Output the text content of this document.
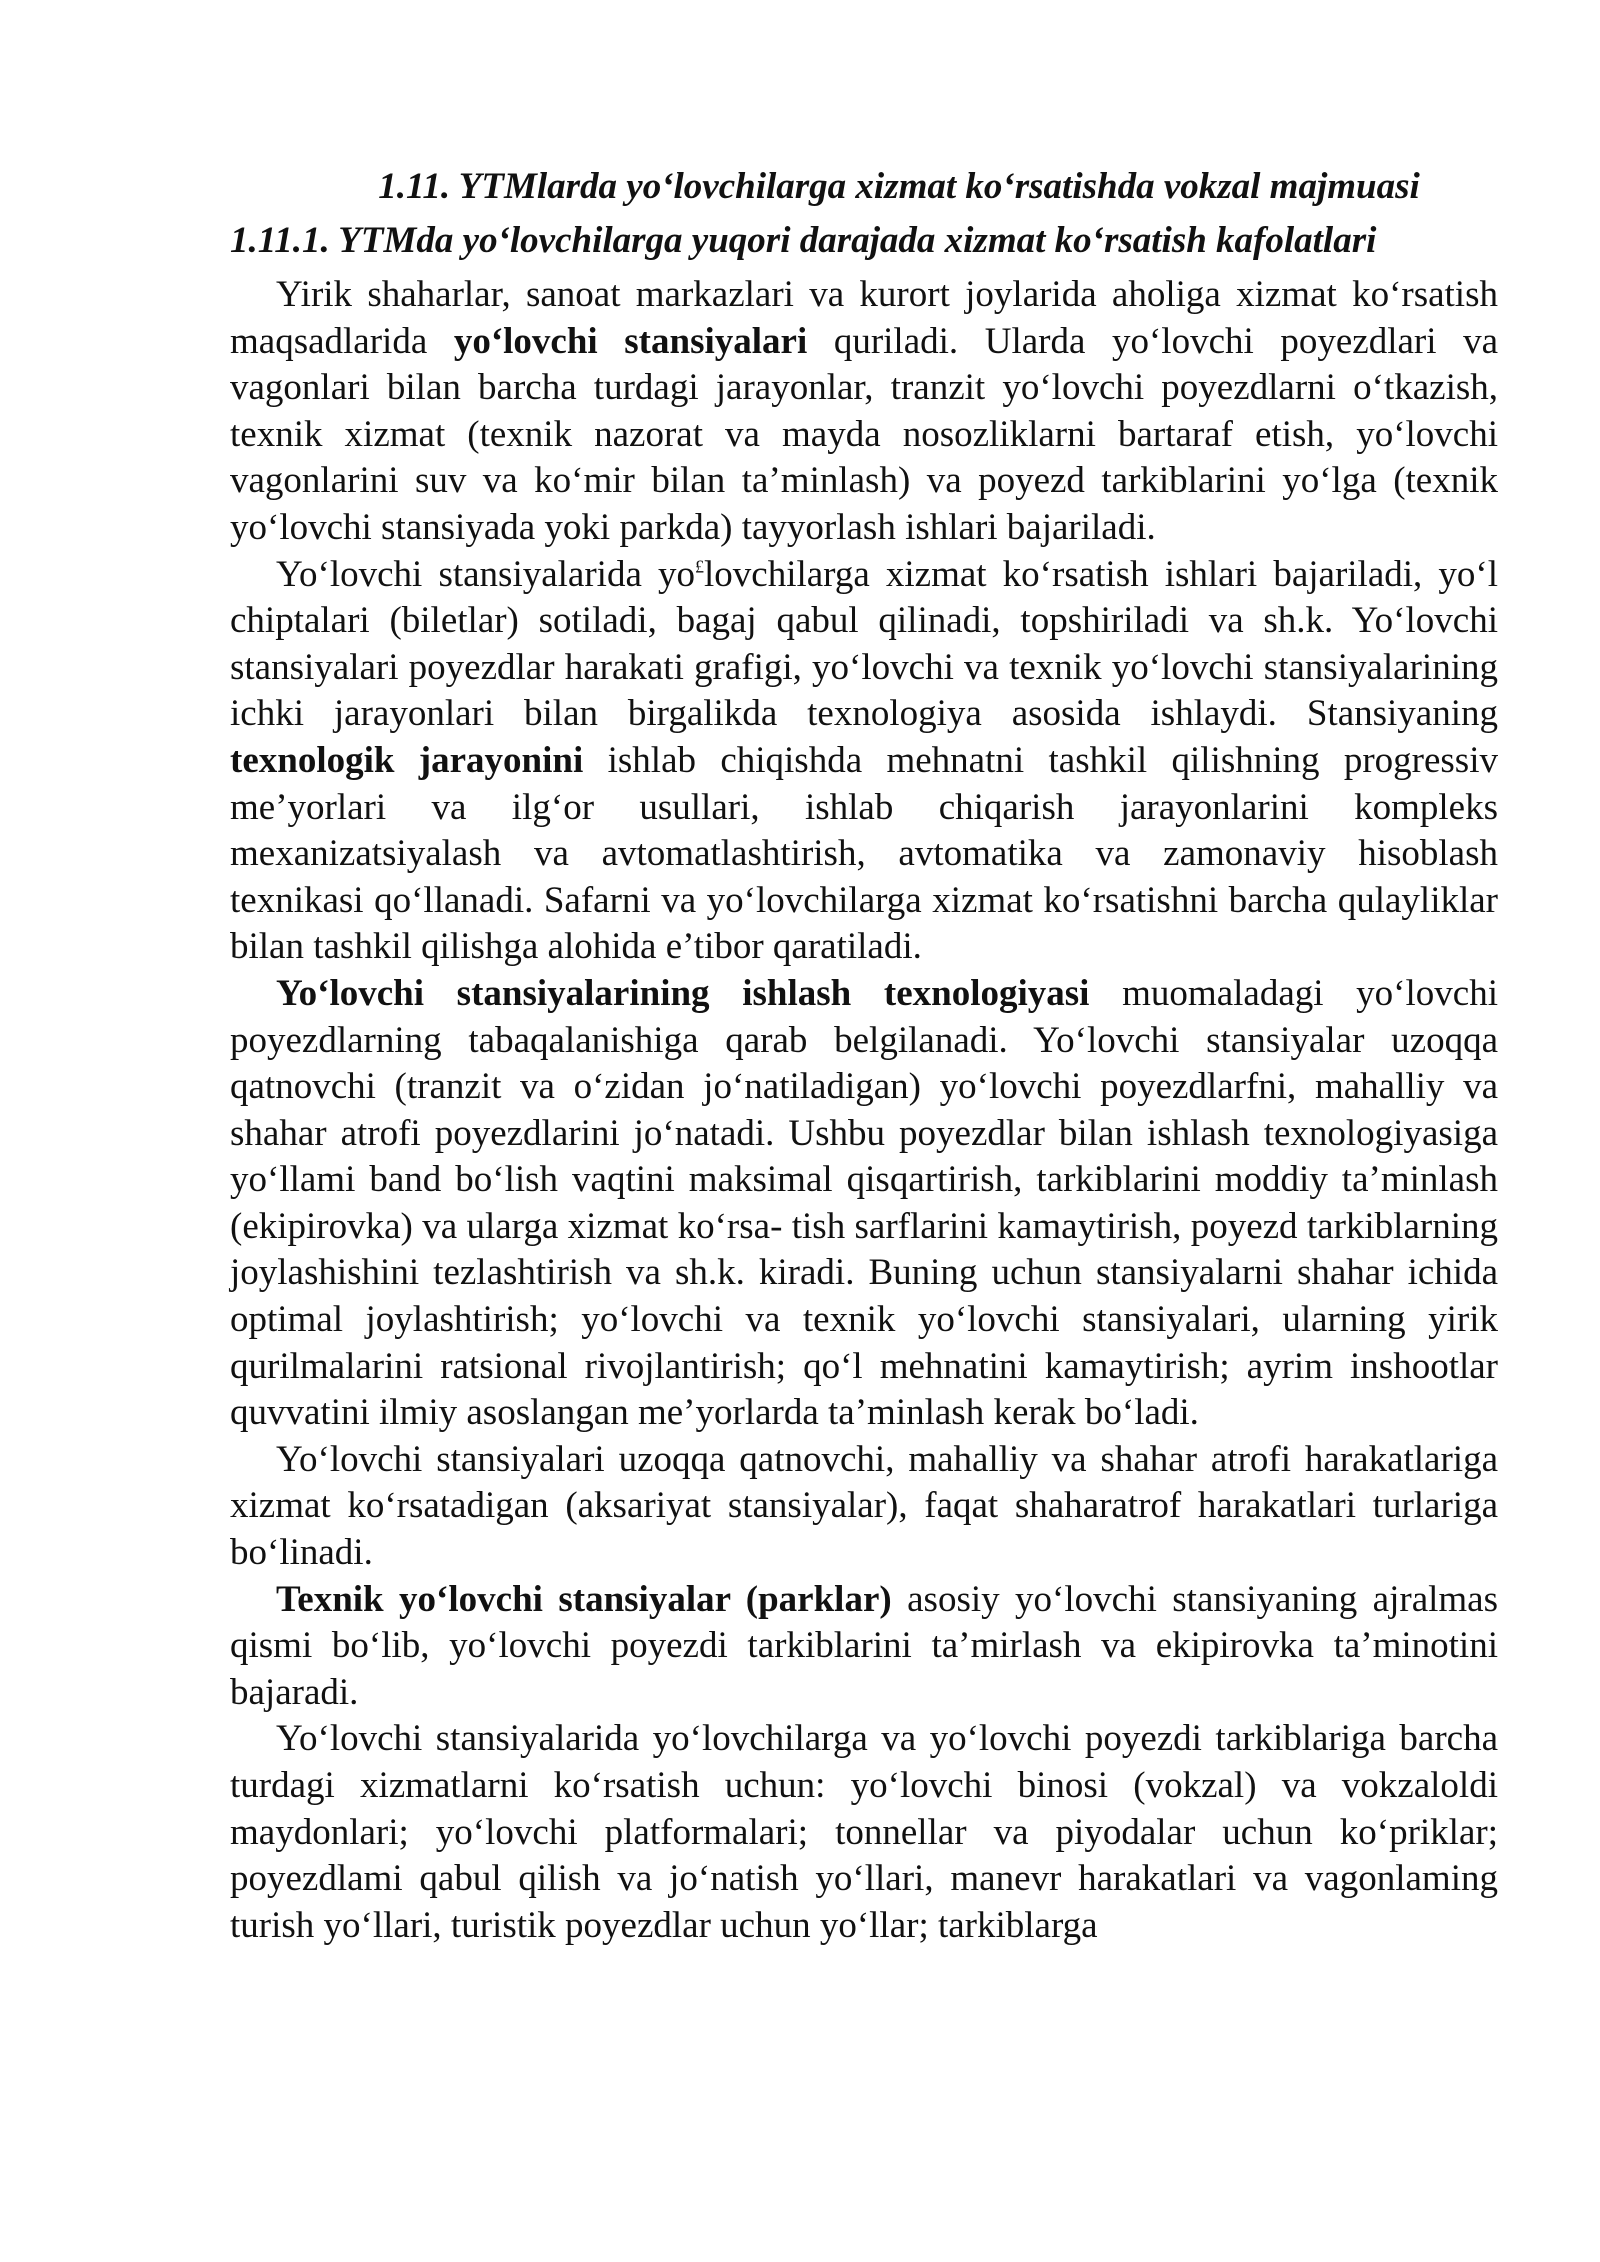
1.11. YTMlarda yo‘lovchilarga xizmat ko‘rsatishda vokzal majmuasi

1.11.1. YTMda yo‘lovchilarga yuqori darajada xizmat ko‘rsatish kafolatlari

Yirik shaharlar, sanoat markazlari va kurort joylarida aholiga xizmat ko‘rsatish maqsadlarida yo‘lovchi stansiyalari quriladi. Ularda yo‘lovchi poyezdlari va vagonlari bilan barcha turdagi jarayonlar, tranzit yo‘lovchi poyezdlarni o‘tkazish, texnik xizmat (texnik nazorat va mayda nosozliklarni bartaraf etish, yo‘lovchi vagonlarini suv va ko‘mir bilan ta’minlash) va poyezd tarkiblarini yo‘lga (texnik yo‘lovchi stansiyada yoki parkda) tayyorlash ishlari bajariladi.

Yo‘lovchi stansiyalarida yo£lovchilarga xizmat ko‘rsatish ishlari bajariladi, yo‘l chiptalari (biletlar) sotiladi, bagaj qabul qilinadi, topshiriladi va sh.k. Yo‘lovchi stansiyalari poyezdlar harakati grafigi, yo‘lovchi va texnik yo‘lovchi stansiyalarining ichki jarayonlari bilan birgalikda texnologiya asosida ishlaydi. Stansiyaning texnologik jarayonini ishlab chiqishda mehnatni tashkil qilishning progressiv me’yorlari va ilg‘or usullari, ishlab chiqarish jarayonlarini kompleks mexanizatsiyalash va avtomatlashtirish, avtomatika va zamonaviy hisoblash texnikasi qo‘llanadi. Safarni va yo‘lovchilarga xizmat ko‘rsatishni barcha qulayliklar bilan tashkil qilishga alohida e’tibor qaratiladi.

Yo‘lovchi stansiyalarining ishlash texnologiyasi muomaladagi yo‘lovchi poyezdlarning tabaqalanishiga qarab belgilanadi. Yo‘lovchi stansiyalar uzoqqa qatnovchi (tranzit va o‘zidan jo‘natiladigan) yo‘lovchi poyezdlarfni, mahalliy va shahar atrofi poyezdlarini jo‘natadi. Ushbu poyezdlar bilan ishlash texnologiyasiga yo‘llami band bo‘lish vaqtini maksimal qisqartirish, tarkiblarini moddiy ta’minlash (ekipirovka) va ularga xizmat ko‘rsa- tish sarflarini kamaytirish, poyezd tarkiblarning joylashishini tezlashtirish va sh.k. kiradi. Buning uchun stansiyalarni shahar ichida optimal joylashtirish; yo‘lovchi va texnik yo‘lovchi stansiyalari, ularning yirik qurilmalarini ratsional rivojlantirish; qo‘l mehnatini kamaytirish; ayrim inshootlar quvvatini ilmiy asoslangan me’yorlarda ta’minlash kerak bo‘ladi.

Yo‘lovchi stansiyalari uzoqqa qatnovchi, mahalliy va shahar atrofi harakatlariga xizmat ko‘rsatadigan (aksariyat stansiyalar), faqat shaharatrof harakatlari turlariga bo‘linadi.

Texnik yo‘lovchi stansiyalar (parklar) asosiy yo‘lovchi stansiyaning ajralmas qismi bo‘lib, yo‘lovchi poyezdi tarkiblarini ta’mirlash va ekipirovka ta’minotini bajaradi.

Yo‘lovchi stansiyalarida yo‘lovchilarga va yo‘lovchi poyezdi tarkiblariga barcha turdagi xizmatlarni ko‘rsatish uchun: yo‘lovchi binosi (vokzal) va vokzaloldi maydonlari; yo‘lovchi platformalari; tonnellar va piyodalar uchun ko‘priklar; poyezdlami qabul qilish va jo‘natish yo‘llari, manevr harakatlari va vagonlaming turish yo‘llari, turistik poyezdlar uchun yo‘llar; tarkiblarga
